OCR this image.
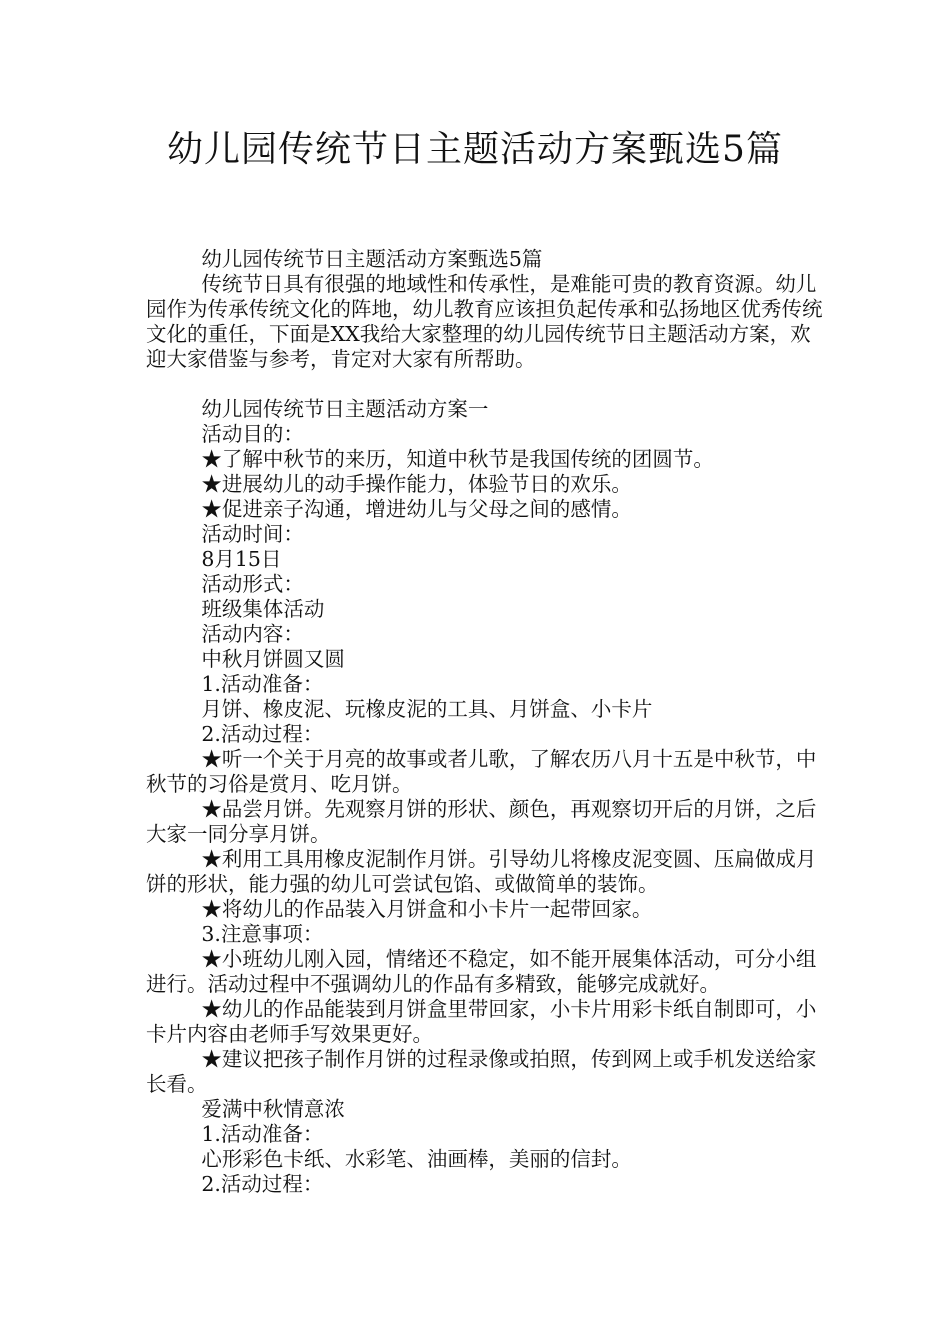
幼儿园传统节日主题活动方案甄选5篇

幼儿园传统节日主题活动方案甄选5篇

传统节日具有很强的地域性和传承性，是难能可贵的教育资源。幼儿园作为传承传统文化的阵地，幼儿教育应该担负起传承和弘扬地区优秀传统文化的重任，下面是XX我给大家整理的幼儿园传统节日主题活动方案，欢迎大家借鉴与参考，肯定对大家有所帮助。

幼儿园传统节日主题活动方案一

活动目的：

★了解中秋节的来历，知道中秋节是我国传统的团圆节。

★进展幼儿的动手操作能力，体验节日的欢乐。

★促进亲子沟通，增进幼儿与父母之间的感情。

活动时间：

8月15日

活动形式：

班级集体活动

活动内容：

中秋月饼圆又圆

1.活动准备：

月饼、橡皮泥、玩橡皮泥的工具、月饼盒、小卡片

2.活动过程：

★听一个关于月亮的故事或者儿歌，了解农历八月十五是中秋节，中秋节的习俗是赏月、吃月饼。

★品尝月饼。先观察月饼的形状、颜色，再观察切开后的月饼，之后大家一同分享月饼。

★利用工具用橡皮泥制作月饼。引导幼儿将橡皮泥变圆、压扁做成月饼的形状，能力强的幼儿可尝试包馅、或做简单的装饰。

★将幼儿的作品装入月饼盒和小卡片一起带回家。

3.注意事项：

★小班幼儿刚入园，情绪还不稳定，如不能开展集体活动，可分小组进行。活动过程中不强调幼儿的作品有多精致，能够完成就好。

★幼儿的作品能装到月饼盒里带回家，小卡片用彩卡纸自制即可，小卡片内容由老师手写效果更好。

★建议把孩子制作月饼的过程录像或拍照，传到网上或手机发送给家长看。

爱满中秋情意浓

1.活动准备：

心形彩色卡纸、水彩笔、油画棒，美丽的信封。

2.活动过程：
